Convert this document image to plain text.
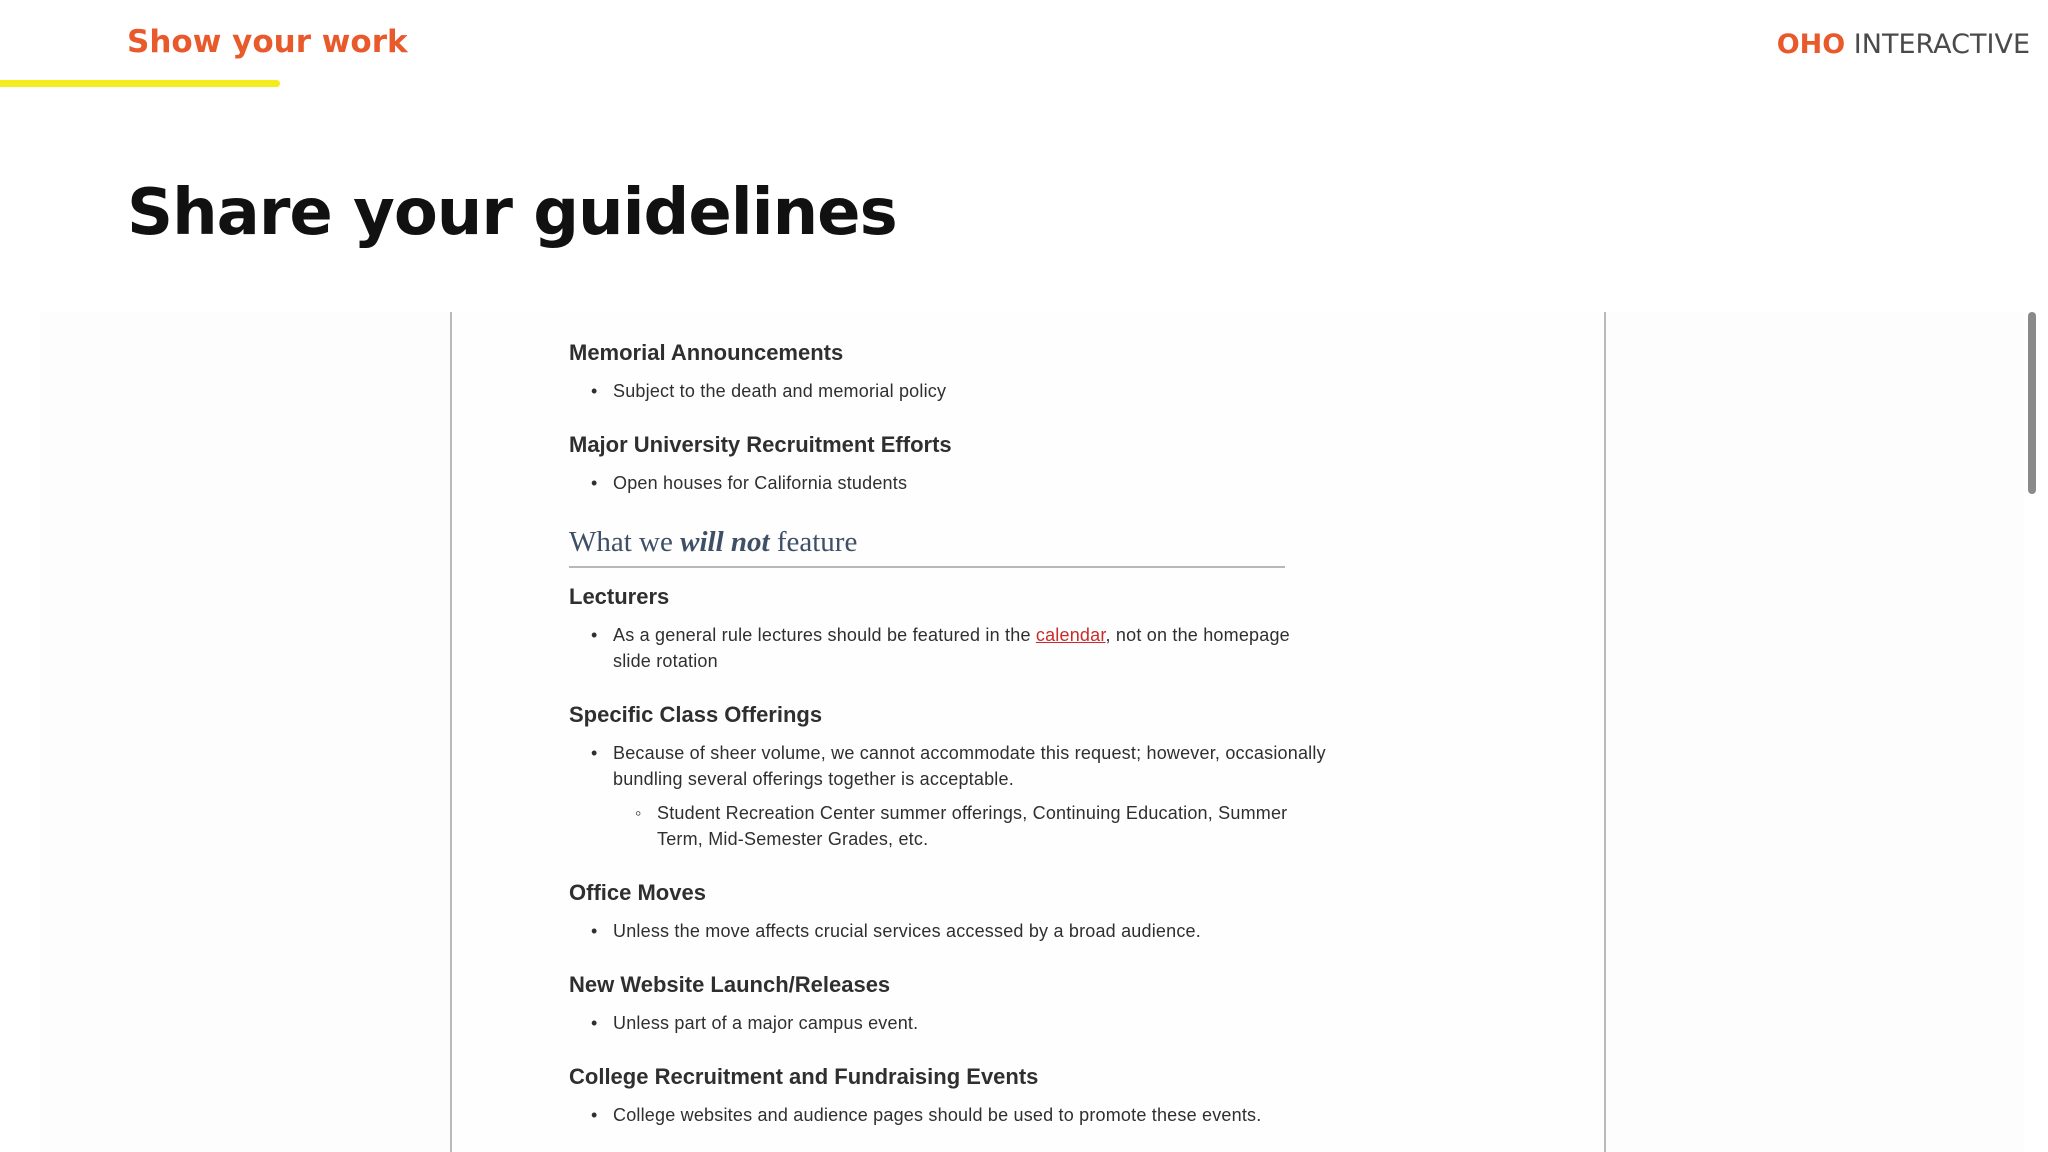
Show your work	OHO INTERACTIVE
Share your guidelines
Memorial Announcements
• Subject to the death and memorial policy
Major University Recruitment Efforts
• Open houses for California students
What we will not feature
Lecturers
• As a general rule lectures should be featured in the calendar, not on the homepage slide rotation
Specific Class Offerings
• Because of sheer volume, we cannot accommodate this request; however, occasionally bundling several offerings together is acceptable.
◦ Student Recreation Center summer offerings, Continuing Education, Summer Term, Mid-Semester Grades, etc.
Office Moves
• Unless the move affects crucial services accessed by a broad audience.
New Website Launch/Releases
• Unless part of a major campus event.
College Recruitment and Fundraising Events
• College websites and audience pages should be used to promote these events.
